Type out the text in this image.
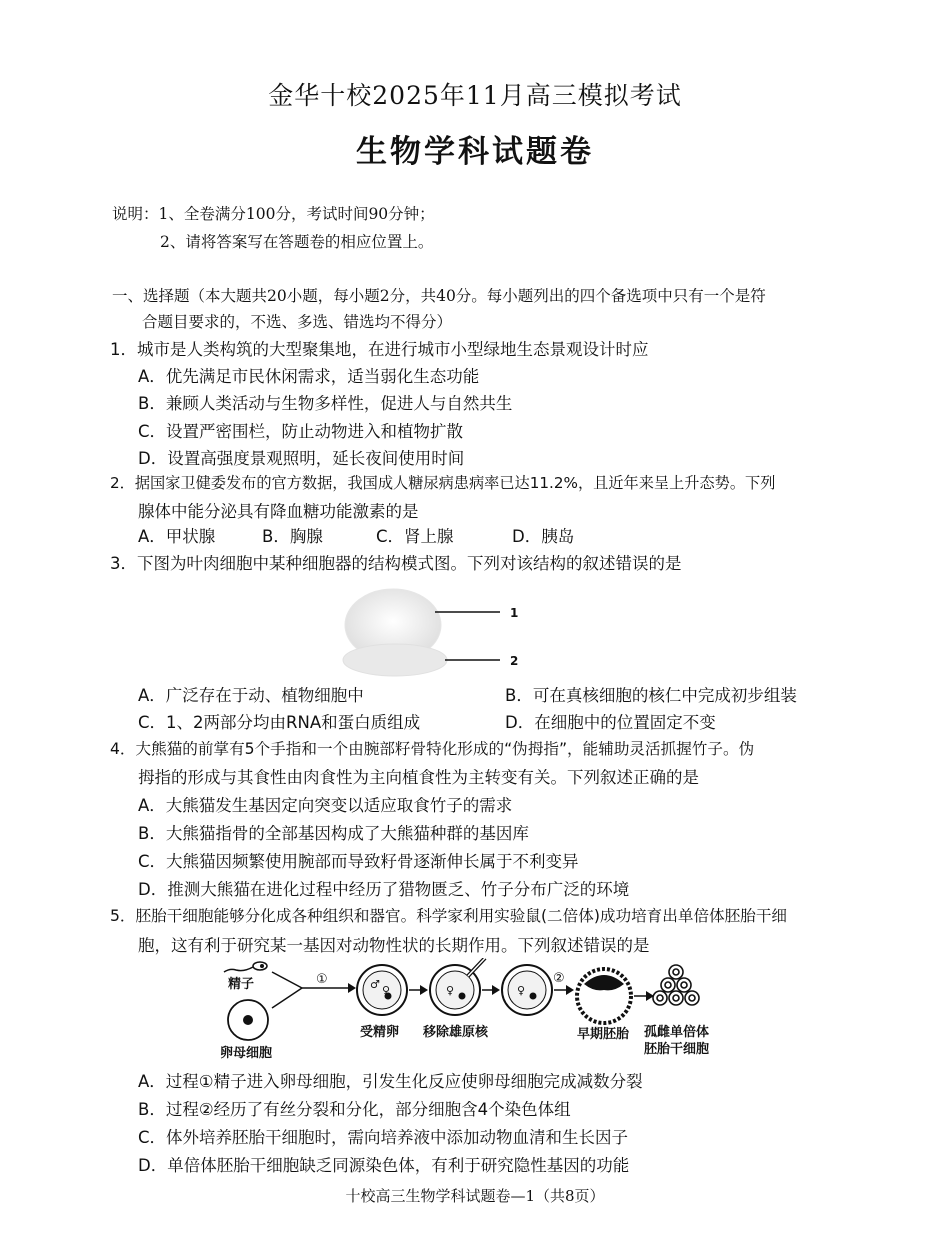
金华十校2025年11月高三模拟考试
生物学科试题卷
说明：1、全卷满分100分，考试时间90分钟；
2、请将答案写在答题卷的相应位置上。
一、选择题（本大题共20小题，每小题2分，共40分。每小题列出的四个备选项中只有一个是符
合题目要求的，不选、多选、错选均不得分）
1．城市是人类构筑的大型聚集地，在进行城市小型绿地生态景观设计时应
A．优先满足市民休闲需求，适当弱化生态功能
B．兼顾人类活动与生物多样性，促进人与自然共生
C．设置严密围栏，防止动物进入和植物扩散
D．设置高强度景观照明，延长夜间使用时间
2．据国家卫健委发布的官方数据，我国成人糖尿病患病率已达11.2%，且近年来呈上升态势。下列
腺体中能分泌具有降血糖功能激素的是
A．甲状腺	B．胸腺	C．肾上腺	D．胰岛
3．下图为叶肉细胞中某种细胞器的结构模式图。下列对该结构的叙述错误的是
1
2
A．广泛存在于动、植物细胞中	B．可在真核细胞的核仁中完成初步组装
C．1、2两部分均由RNA和蛋白质组成	D．在细胞中的位置固定不变
4．大熊猫的前掌有5个手指和一个由腕部籽骨特化形成的“伪拇指”，能辅助灵活抓握竹子。伪
拇指的形成与其食性由肉食性为主向植食性为主转变有关。下列叙述正确的是
A．大熊猫发生基因定向突变以适应取食竹子的需求
B．大熊猫指骨的全部基因构成了大熊猫种群的基因库
C．大熊猫因频繁使用腕部而导致籽骨逐渐伸长属于不利变异
D．推测大熊猫在进化过程中经历了猎物匮乏、竹子分布广泛的环境
5．胚胎干细胞能够分化成各种组织和器官。科学家利用实验鼠(二倍体)成功培育出单倍体胚胎干细
胞，这有利于研究某一基因对动物性状的长期作用。下列叙述错误的是
精子
卵母细胞
①	♂ ♀
受精卵
♀
移除雄原核
♀
②
早期胚胎 孤雌单倍体
胚胎干细胞
A．过程①精子进入卵母细胞，引发生化反应使卵母细胞完成减数分裂
B．过程②经历了有丝分裂和分化，部分细胞含4个染色体组
C．体外培养胚胎干细胞时，需向培养液中添加动物血清和生长因子
D．单倍体胚胎干细胞缺乏同源染色体，有利于研究隐性基因的功能
十校高三生物学科试题卷—1（共8页）
